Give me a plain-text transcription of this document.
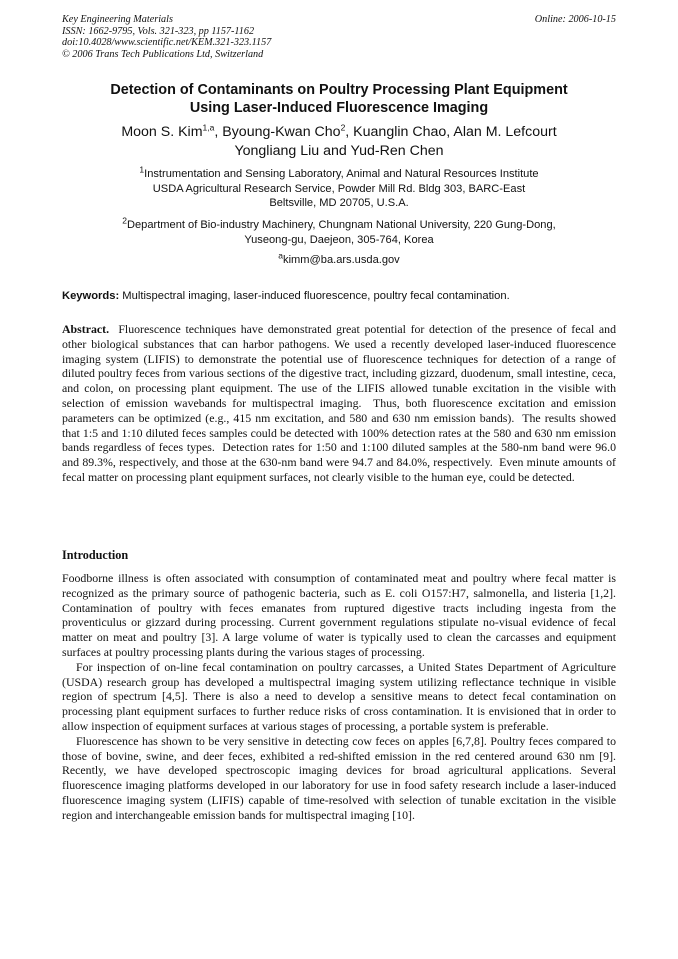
Key Engineering Materials
ISSN: 1662-9795, Vols. 321-323, pp 1157-1162
doi:10.4028/www.scientific.net/KEM.321-323.1157
© 2006 Trans Tech Publications Ltd, Switzerland
Online: 2006-10-15
Detection of Contaminants on Poultry Processing Plant Equipment
Using Laser-Induced Fluorescence Imaging
Moon S. Kim$^{1,a}$, Byoung-Kwan Cho$^2$, Kuanglin Chao, Alan M. Lefcourt
Yongliang Liu and Yud-Ren Chen
$^1$Instrumentation and Sensing Laboratory, Animal and Natural Resources Institute
USDA Agricultural Research Service, Powder Mill Rd. Bldg 303, BARC-East
Beltsville, MD 20705, U.S.A.
$^2$Department of Bio-industry Machinery, Chungnam National University, 220 Gung-Dong,
Yuseong-gu, Daejeon, 305-764, Korea
$^a$kimm@ba.ars.usda.gov
Keywords: Multispectral imaging, laser-induced fluorescence, poultry fecal contamination.
Abstract.  Fluorescence techniques have demonstrated great potential for detection of the presence of fecal and other biological substances that can harbor pathogens. We used a recently developed laser-induced fluorescence imaging system (LIFIS) to demonstrate the potential use of fluorescence techniques for detection of a range of diluted poultry feces from various sections of the digestive tract, including gizzard, duodenum, small intestine, ceca, and colon, on processing plant equipment. The use of the LIFIS allowed tunable excitation in the visible with selection of emission wavebands for multispectral imaging.  Thus, both fluorescence excitation and emission parameters can be optimized (e.g., 415 nm excitation, and 580 and 630 nm emission bands).  The results showed that 1:5 and 1:10 diluted feces samples could be detected with 100% detection rates at the 580 and 630 nm emission bands regardless of feces types.  Detection rates for 1:50 and 1:100 diluted samples at the 580-nm band were 96.0 and 89.3%, respectively, and those at the 630-nm band were 94.7 and 84.0%, respectively.  Even minute amounts of fecal matter on processing plant equipment surfaces, not clearly visible to the human eye, could be detected.
Introduction

Foodborne illness is often associated with consumption of contaminated meat and poultry where fecal matter is recognized as the primary source of pathogenic bacteria, such as E. coli O157:H7, salmonella, and listeria [1,2]. Contamination of poultry with feces emanates from ruptured digestive tracts including ingesta from the proventiculus or gizzard during processing. Current government regulations stipulate no-visual evidence of fecal matter on meat and poultry [3]. A large volume of water is typically used to clean the carcasses and equipment surfaces at poultry processing plants during the various stages of processing.

For inspection of on-line fecal contamination on poultry carcasses, a United States Department of Agriculture (USDA) research group has developed a multispectral imaging system utilizing reflectance technique in visible region of spectrum [4,5]. There is also a need to develop a sensitive means to detect fecal contamination on processing plant equipment surfaces to further reduce risks of cross contamination. It is envisioned that in order to allow inspection of equipment surfaces at various stages of processing, a portable system is preferable.

Fluorescence has shown to be very sensitive in detecting cow feces on apples [6,7,8]. Poultry feces compared to those of bovine, swine, and deer feces, exhibited a red-shifted emission in the red centered around 630 nm [9]. Recently, we have developed spectroscopic imaging devices for broad agricultural applications. Several fluorescence imaging platforms developed in our laboratory for use in food safety research include a laser-induced fluorescence imaging system (LIFIS) capable of time-resolved with selection of tunable excitation in the visible region and interchangeable emission bands for multispectral imaging [10].
